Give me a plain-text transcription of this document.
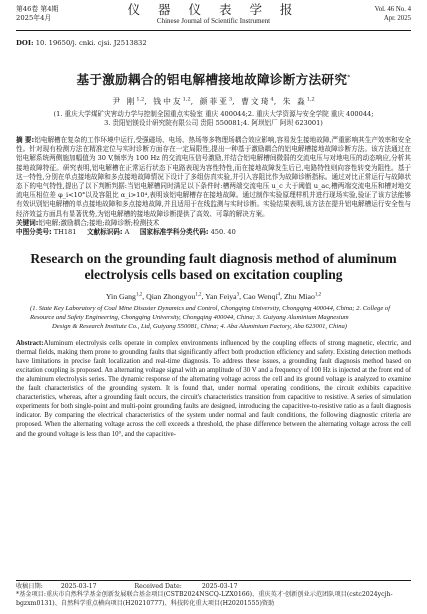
第46卷 第4期
2025年4月
仪 器 仪 表 学 报
Chinese Journal of Scientific Instrument
Vol. 46 No. 4
Apr. 2025
DOI: 10. 19650/j. cnki. cjsi. J2513832
基于激励耦合的铝电解槽接地故障诊断方法研究*
尹 刚$^{1,2}$, 钱中友$^{1,2}$, 颜菲亚$^3$, 曹文琦$^4$, 朱 淼$^{1,2}$
(1. 重庆大学煤矿灾害动力学与控制全国重点实验室 重庆 400044;2. 重庆大学资源与安全学院 重庆 400044;
3. 贵阳铝镁设计研究院有限公司 贵阳 550081;4. 阿坝铝厂 阿坝 623001)
摘 要:铝电解槽在复杂的工作环境中运行,受强磁场、电场、热场等多物理场耦合效应影响,容易发生接地故障,严重影响其生产效率和安全性。针对现有检测方法在精准定位与实时诊断方面存在一定局限性,提出一种基于激励耦合的铝电解槽接地故障诊断方法。该方法通过在铝电解系统两侧施加幅值为 30 V,频率为 100 Hz 的交流电压信号激励,并结合铝电解槽间微弱的交流电压与对地电压的动态响应,分析其接地故障特征。研究表明,铝电解槽在正常运行状态下电路表现为容性特性,而在接地故障发生后已,电路特性则向容性转变为阻性。基于这一特性,分别在单点接地故障和多点接地故障情况下设计了多组仿真实验,并引入容阻比作为故障诊断指标。通过对比正常运行与故障状态下的电气特性,提出了以下判断判据:当铝电解槽同时满足以下条件时:槽两端交流电压 u_c 大于阈值 u_ac,槽两端交流电压和槽对地交流电压相位差 φ_i<10°以及容阻比 α_i>10⁴,表明该铝电解槽存在接地故障。通过制作实验原理样机并进行现场实验,验证了该方法能够有效识别铝电解槽的单点接地故障和多点接地故障,并且适用于在线监测与实时诊断。实验结果表明,该方法在提升铝电解槽运行安全性与经济效益方面具有显著优势,为铝电解槽的接地故障诊断提供了高效、可靠的解决方案。
关键词:铝电解;激励耦合;接地;故障诊断;检测技术
中图分类号: TH181 文献标识码: A 国家标准学科分类代码: 450. 40
Research on the grounding fault diagnosis method of aluminum
electrolysis cells based on excitation coupling
Yin Gang$^{1,2}$, Qian Zhongyou$^{1,2}$, Yan Feiya$^3$, Cao Wenqi$^4$, Zhu Miao$^{1,2}$
(1. State Key Laboratory of Coal Mine Disaster Dynamics and Control, Chongqing University, Chongqing 400044, China; 2. College of Resource and Safety Engineering, Chongqing University, Chongqing 400044, China; 3. Guiyang Aluminium Magnesium
Design & Research Institute Co., Ltd, Guiyang 550081, China; 4. Aba Aluminium Factory, Aba 623001, China)
Abstract:Aluminum electrolysis cells operate in complex environments influenced by the coupling effects of strong magnetic, electric, and thermal fields, making them prone to grounding faults that significantly affect both production efficiency and safety. Existing detection methods have limitations in precise fault localization and real-time diagnosis. To address these issues, a grounding fault diagnosis method based on excitation coupling is proposed. An alternating voltage signal with an amplitude of 30 V and a frequency of 100 Hz is injected at the front end of the aluminum electrolysis series. The dynamic response of the alternating voltage across the cell and its ground voltage is analyzed to examine the fault characteristics of the grounding system. It is found that, under normal operating conditions, the circuit exhibits capacitive characteristics, whereas, after a grounding fault occurs, the circuit's characteristics transition from capacitive to resistive. A series of simulation experiments for both single-point and multi-point grounding faults are designed, introducing the capacitive-to-resistive ratio as a fault diagnosis indicator. By comparing the electrical characteristics of the system under normal and fault conditions, the following diagnostic criteria are proposed. When the alternating voltage across the cell exceeds a threshold, the phase difference between the alternating voltage across the cell and the ground voltage is less than 10°, and the capacitive-
收稿日期:	2025-03-17	Received Date:	2025-03-17
*基金项目:重庆市自然科学基金创新发展联合基金项目(CSTB2024NSCQ-LZX0166)、重庆英才·创新创业示范团队项目(cstc2024ycjh-bgzxm0131)、自然科学重点横向项目(H20210777)、科技转化重大项目(H20201555)资助
